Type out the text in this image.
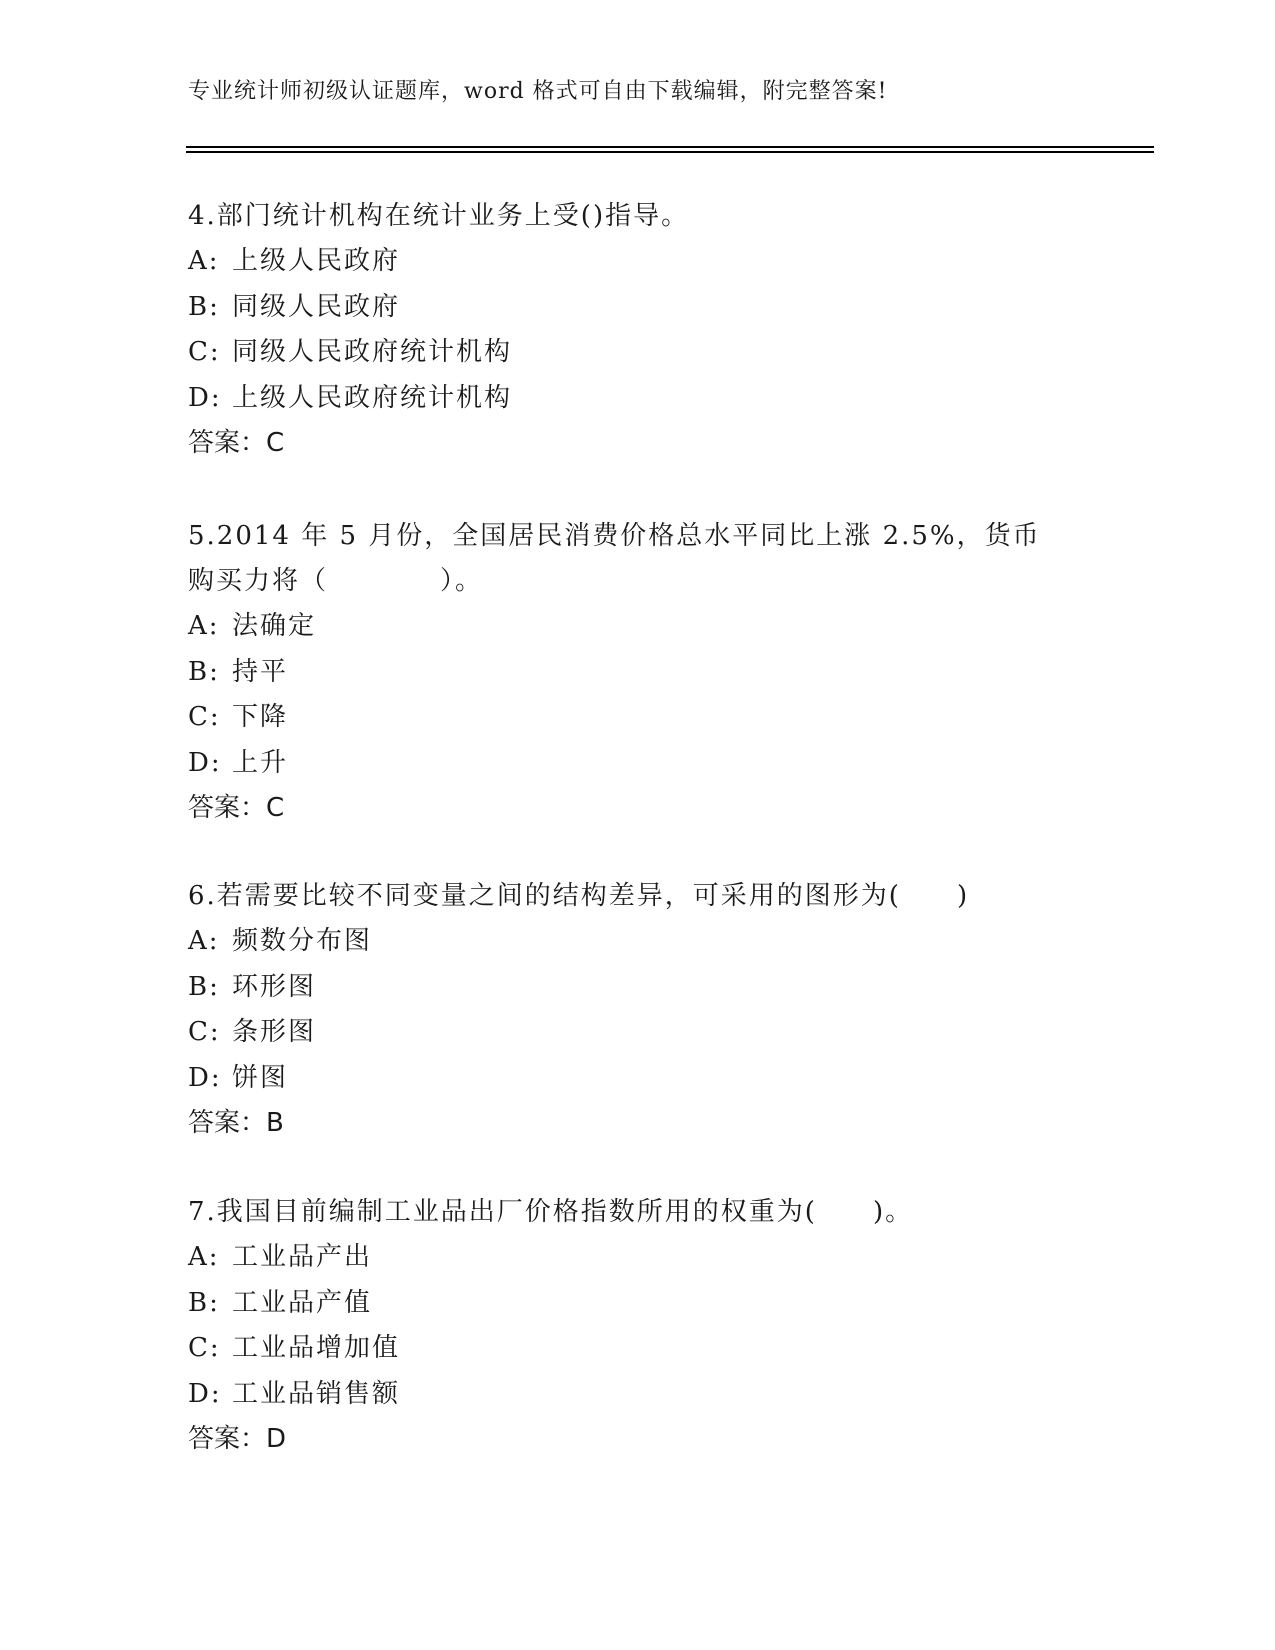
专业统计师初级认证题库，word 格式可自由下载编辑，附完整答案!

4.部门统计机构在统计业务上受()指导。

A: 上级人民政府

B: 同级人民政府

C: 同级人民政府统计机构

D: 上级人民政府统计机构

答案：C

5.2014 年 5 月份，全国居民消费价格总水平同比上涨 2.5%，货币购买力将（　　　　）。

A: 法确定

B: 持平

C: 下降

D: 上升

答案：C

6.若需要比较不同变量之间的结构差异，可采用的图形为(　　)

A: 频数分布图

B: 环形图

C: 条形图

D: 饼图

答案：B

7.我国目前编制工业品出厂价格指数所用的权重为(　　)。

A: 工业品产出

B: 工业品产值

C: 工业品增加值

D: 工业品销售额

答案：D
